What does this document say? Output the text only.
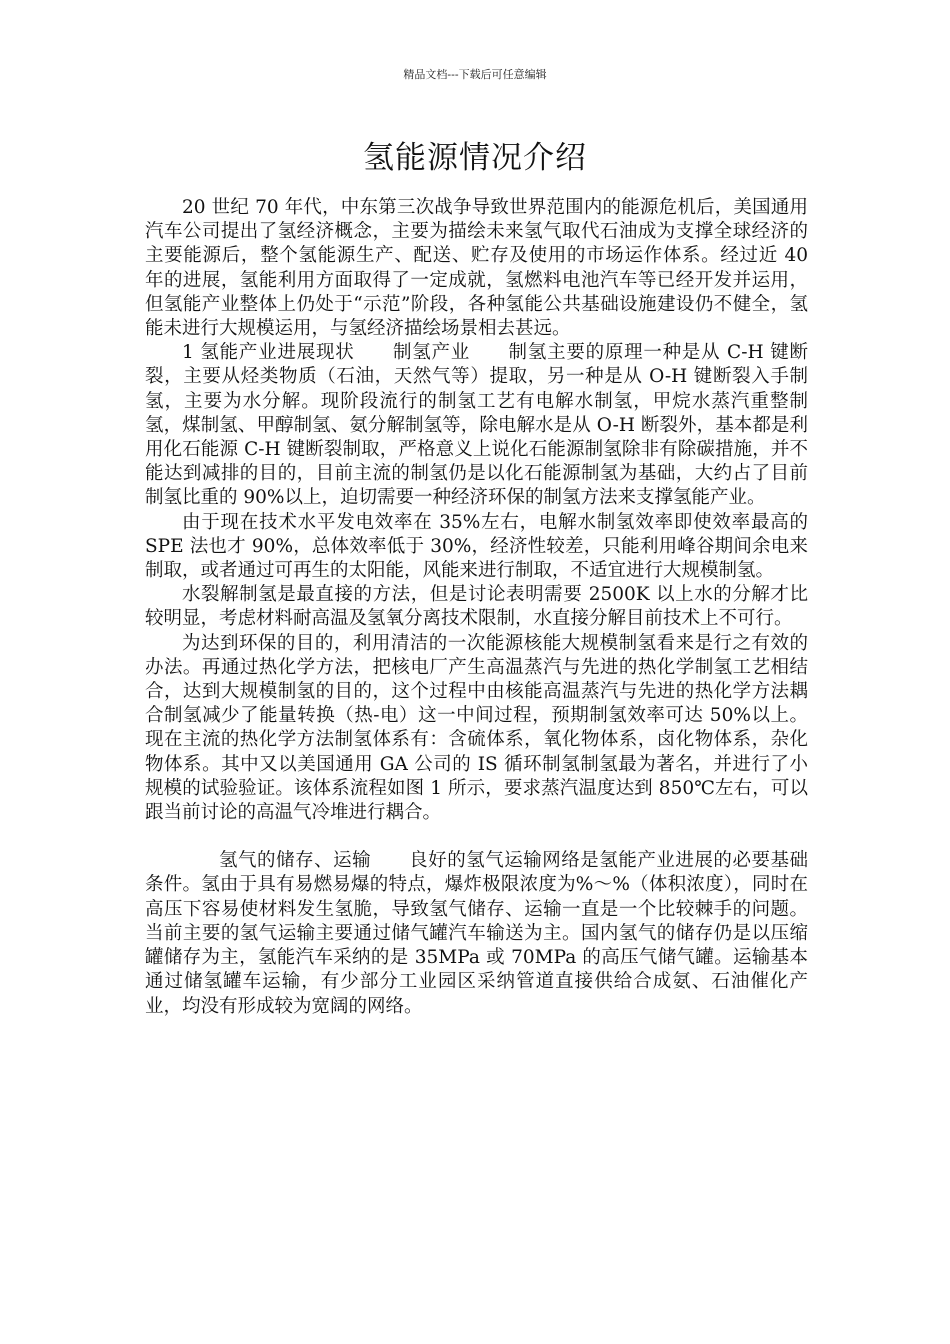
精品文档---下载后可任意编辑
氢能源情况介绍

20 世纪 70 年代，中东第三次战争导致世界范围内的能源危机后，美国通用汽车公司提出了氢经济概念，主要为描绘未来氢气取代石油成为支撑全球经济的主要能源后，整个氢能源生产、配送、贮存及使用的市场运作体系。经过近 40 年的进展，氢能利用方面取得了一定成就，氢燃料电池汽车等已经开发并运用，但氢能产业整体上仍处于“示范”阶段，各种氢能公共基础设施建设仍不健全，氢能未进行大规模运用，与氢经济描绘场景相去甚远。

1 氢能产业进展现状　　制氢产业　　制氢主要的原理一种是从 C-H 键断裂，主要从烃类物质（石油，天然气等）提取，另一种是从 O-H 键断裂入手制氢，主要为水分解。现阶段流行的制氢工艺有电解水制氢，甲烷水蒸汽重整制氢，煤制氢、甲醇制氢、氨分解制氢等，除电解水是从 O-H 断裂外，基本都是利用化石能源 C-H 键断裂制取，严格意义上说化石能源制氢除非有除碳措施，并不能达到减排的目的，目前主流的制氢仍是以化石能源制氢为基础，大约占了目前制氢比重的 90%以上，迫切需要一种经济环保的制氢方法来支撑氢能产业。

由于现在技术水平发电效率在 35%左右，电解水制氢效率即使效率最高的 SPE 法也才 90%，总体效率低于 30%，经济性较差，只能利用峰谷期间余电来制取，或者通过可再生的太阳能，风能来进行制取，不适宜进行大规模制氢。

水裂解制氢是最直接的方法，但是讨论表明需要 2500K 以上水的分解才比较明显，考虑材料耐高温及氢氧分离技术限制，水直接分解目前技术上不可行。

为达到环保的目的，利用清洁的一次能源核能大规模制氢看来是行之有效的办法。再通过热化学方法，把核电厂产生高温蒸汽与先进的热化学制氢工艺相结合，达到大规模制氢的目的，这个过程中由核能高温蒸汽与先进的热化学方法耦合制氢减少了能量转换（热-电）这一中间过程，预期制氢效率可达 50%以上。现在主流的热化学方法制氢体系有：含硫体系，氧化物体系，卤化物体系，杂化物体系。其中又以美国通用 GA 公司的 IS 循环制氢制氢最为著名，并进行了小规模的试验验证。该体系流程如图 1 所示，要求蒸汽温度达到 850℃左右，可以跟当前讨论的高温气冷堆进行耦合。

氢气的储存、运输　　良好的氢气运输网络是氢能产业进展的必要基础条件。氢由于具有易燃易爆的特点，爆炸极限浓度为%～%（体积浓度），同时在高压下容易使材料发生氢脆，导致氢气储存、运输一直是一个比较棘手的问题。当前主要的氢气运输主要通过储气罐汽车输送为主。国内氢气的储存仍是以压缩罐储存为主，氢能汽车采纳的是 35MPa 或 70MPa 的高压气储气罐。运输基本通过储氢罐车运输，有少部分工业园区采纳管道直接供给合成氨、石油催化产业，均没有形成较为宽阔的网络。
